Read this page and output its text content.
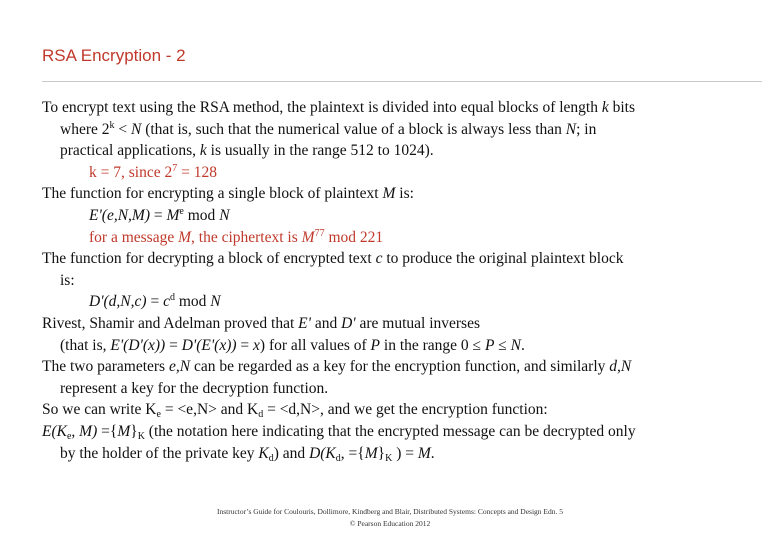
RSA Encryption - 2
To encrypt text using the RSA method, the plaintext is divided into equal blocks of length k bits
where $2^k < N$ (that is, such that the numerical value of a block is always less than N; in
practical applications, k is usually in the range 512 to 1024).
k = 7, since $2^7 = 128$
The function for encrypting a single block of plaintext M is:
$E'(e,N,M) = M^e$ mod N
for a message M, the ciphertext is $M^{77}$ mod 221
The function for decrypting a block of encrypted text c to produce the original plaintext block
is:
$D'(d,N,c) = c^d$ mod N
Rivest, Shamir and Adelman proved that E' and D' are mutual inverses
(that is, E'(D'(x)) = D'(E'(x)) = x) for all values of P in the range 0 ≤ P ≤ N.
The two parameters e,N can be regarded as a key for the encryption function, and similarly d,N
represent a key for the decryption function.
So we can write $K_e = <e,N>$ and $K_d = <d,N>$, and we get the encryption function:
$E(K_e$, $M) =\{M\}_K$ (the notation here indicating that the encrypted message can be decrypted only
by the holder of the private key $K_d$) and $D(K_d$, $=\{M\}_K$ ) = M.
Instructor’s Guide for Coulouris, Dollimore, Kindberg and Blair, Distributed Systems: Concepts and Design Edn. 5
© Pearson Education 2012
